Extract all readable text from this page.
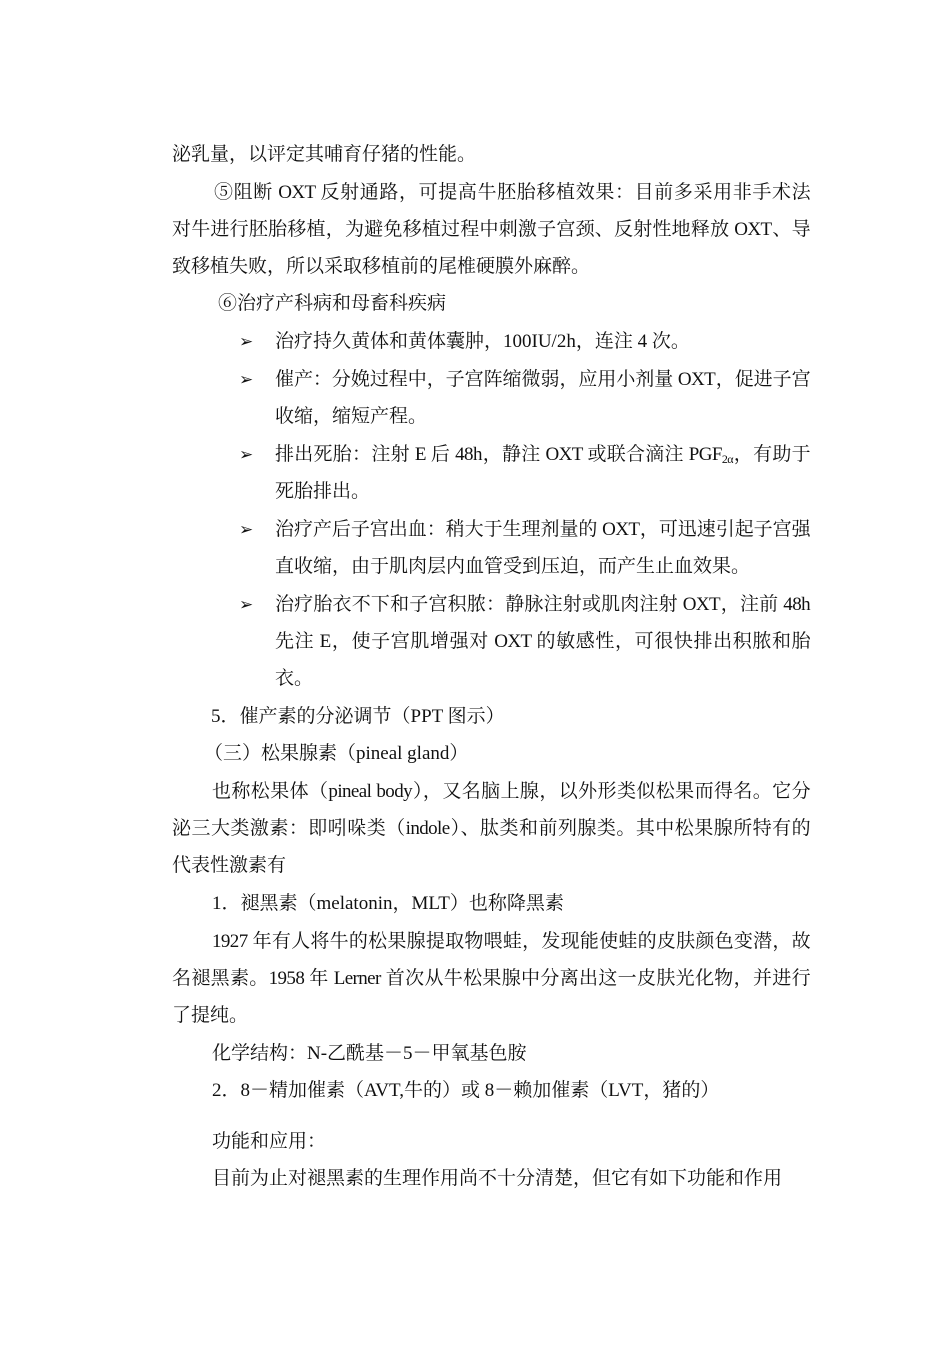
泌乳量，以评定其哺育仔猪的性能。
⑤阻断 OXT 反射通路，可提高牛胚胎移植效果：目前多采用非手术法
对牛进行胚胎移植，为避免移植过程中刺激子宫颈、反射性地释放 OXT、导
致移植失败，所以采取移植前的尾椎硬膜外麻醉。
⑥治疗产科病和母畜科疾病
➢ 治疗持久黄体和黄体囊肿，100IU/2h，连注 4 次。
➢ 催产：分娩过程中，子宫阵缩微弱，应用小剂量 OXT，促进子宫
收缩，缩短产程。
➢ 排出死胎：注射 E 后 48h，静注 OXT 或联合滴注 $PGF_{2\alpha}$，有助于
死胎排出。
➢ 治疗产后子宫出血：稍大于生理剂量的 OXT，可迅速引起子宫强
直收缩，由于肌肉层内血管受到压迫，而产生止血效果。
➢ 治疗胎衣不下和子宫积脓：静脉注射或肌肉注射 OXT，注前 48h
先注 E，使子宫肌增强对 OXT 的敏感性，可很快排出积脓和胎
衣。
5．催产素的分泌调节（PPT 图示）
（三）松果腺素（pineal gland）
也称松果体（pineal body），又名脑上腺，以外形类似松果而得名。它分
泌三大类激素：即吲哚类（indole）、肽类和前列腺类。其中松果腺所特有的
代表性激素有
1．褪黑素（melatonin，MLT）也称降黑素
1927 年有人将牛的松果腺提取物喂蛙，发现能使蛙的皮肤颜色变潜，故
名褪黑素。1958 年 Lerner 首次从牛松果腺中分离出这一皮肤光化物，并进行
了提纯。
化学结构：N-乙酰基－5－甲氧基色胺
2．8－精加催素（AVT,牛的）或 8－赖加催素（LVT，猪的）
功能和应用：
目前为止对褪黑素的生理作用尚不十分清楚，但它有如下功能和作用
